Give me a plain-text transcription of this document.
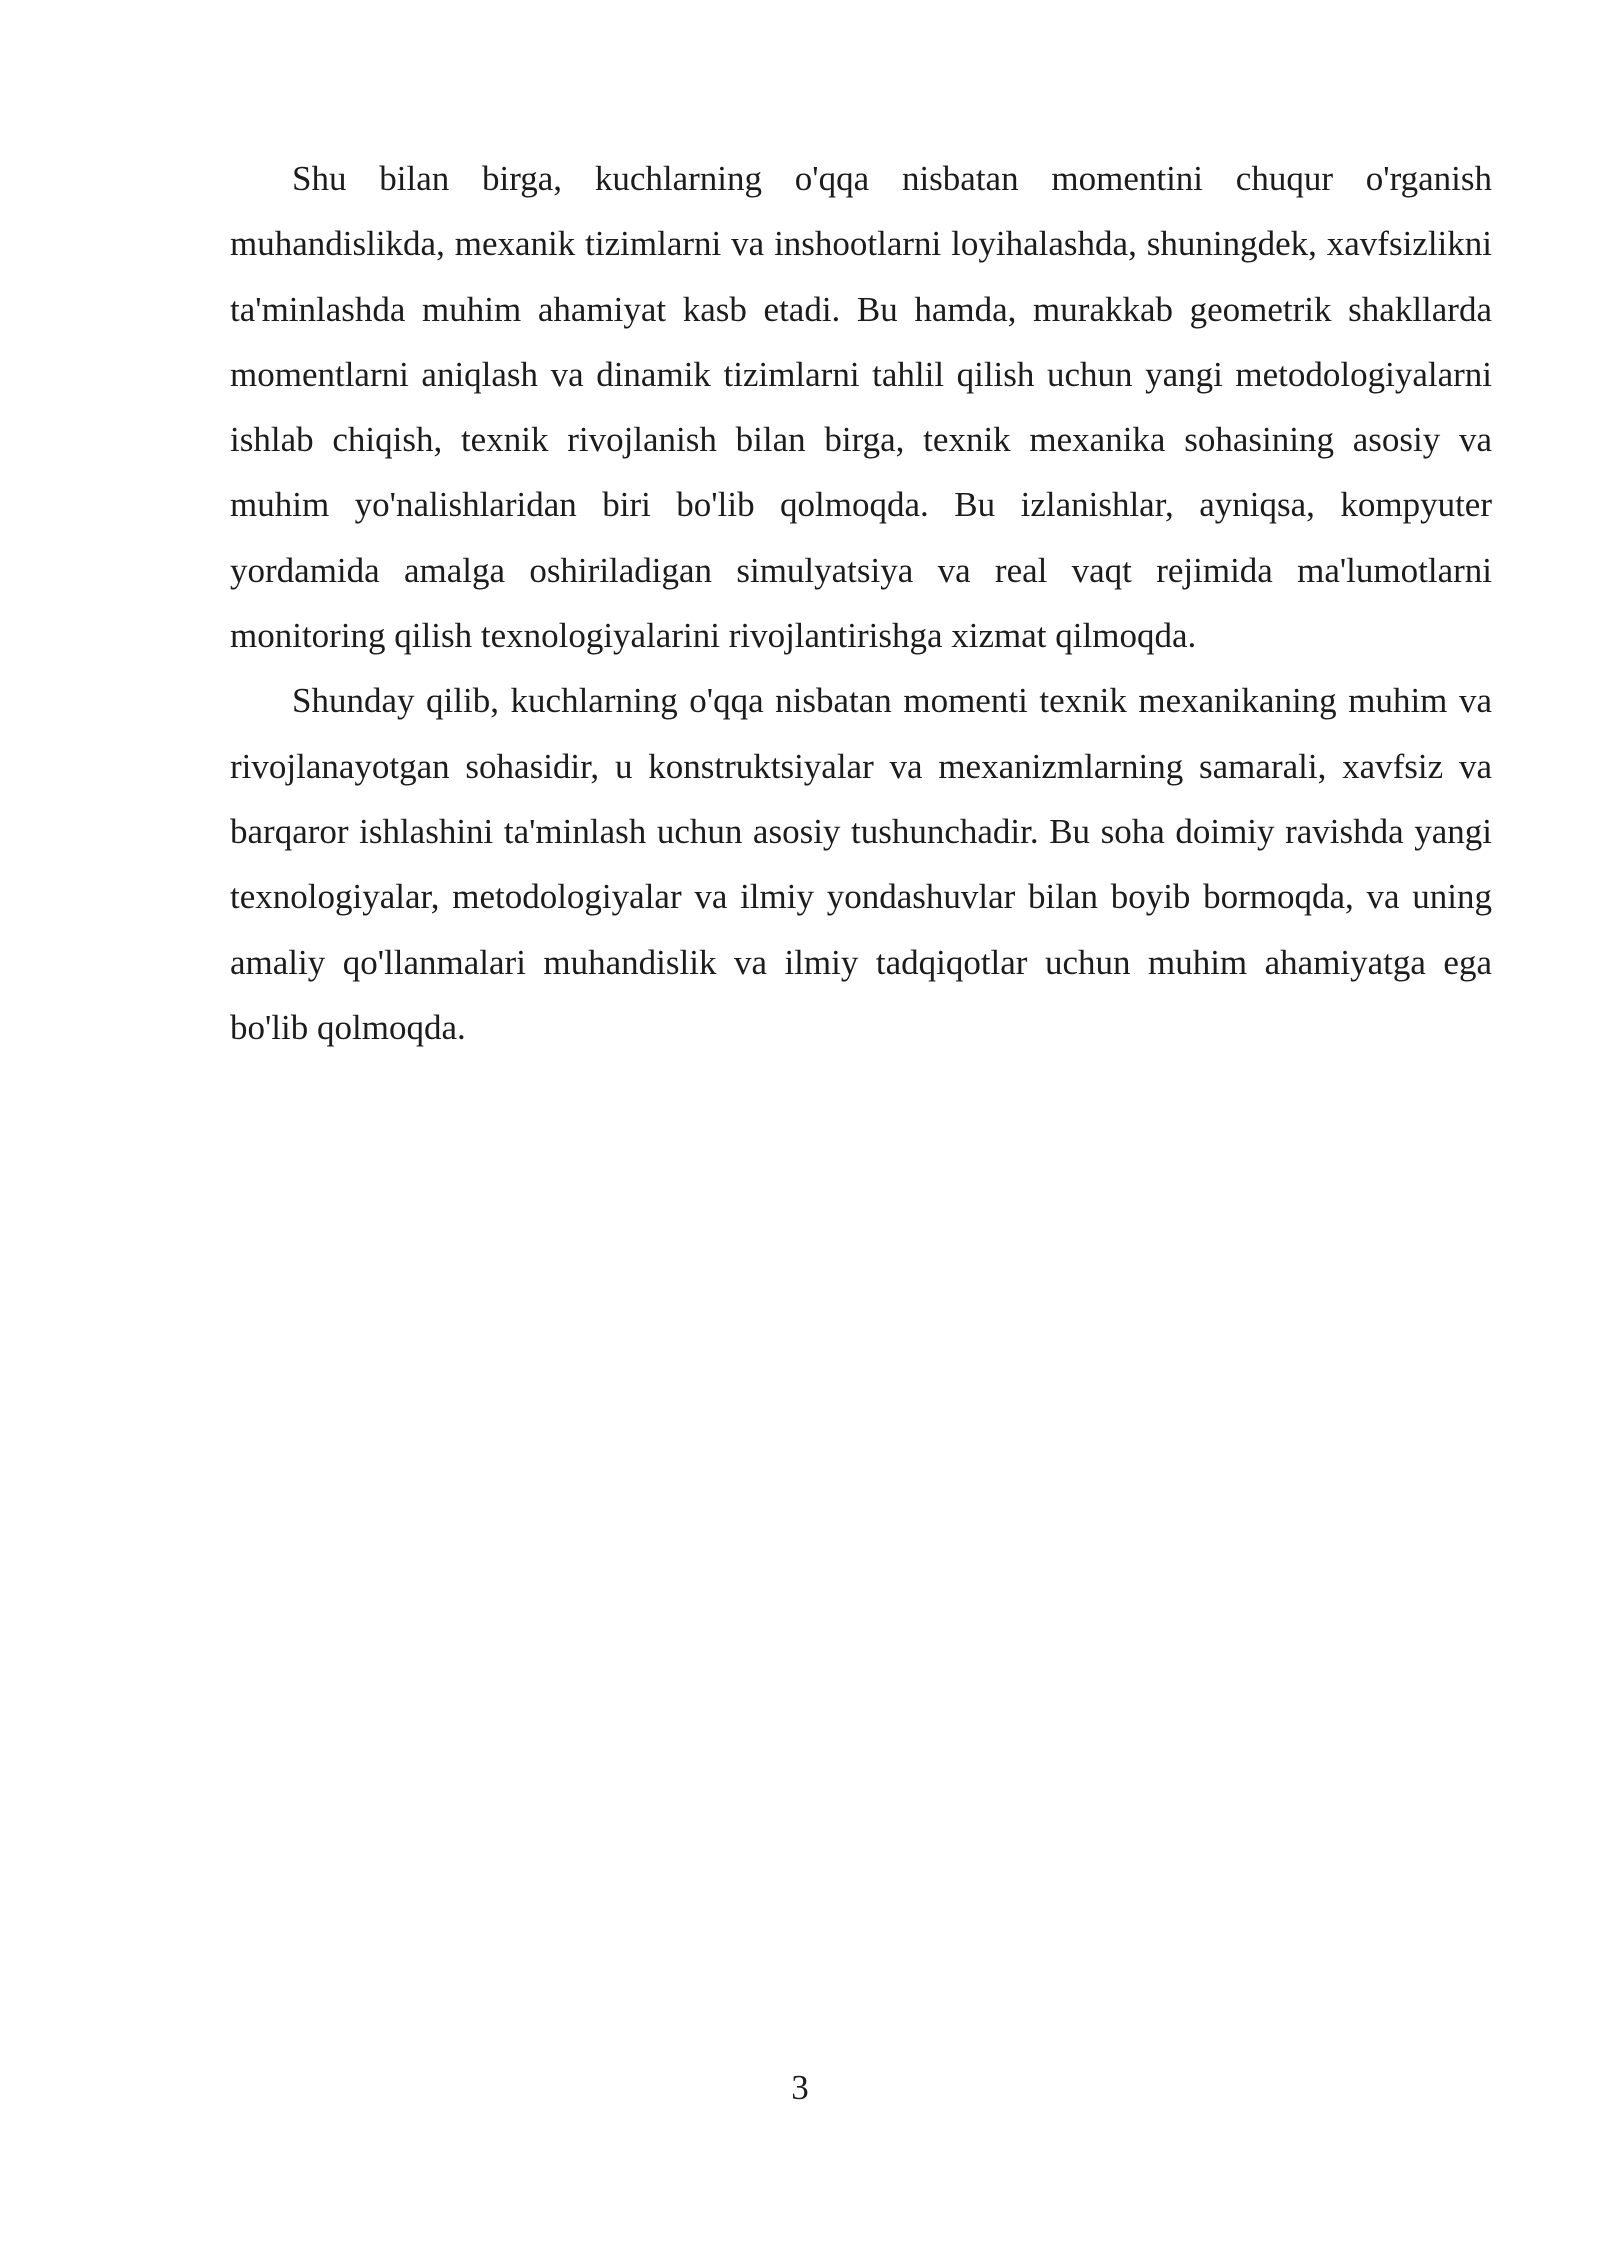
Shu bilan birga, kuchlarning o'qqa nisbatan momentini chuqur o'rganish muhandislikda, mexanik tizimlarni va inshootlarni loyihalashda, shuningdek, xavfsizlikni ta'minlashda muhim ahamiyat kasb etadi. Bu hamda, murakkab geometrik shakllarda momentlarni aniqlash va dinamik tizimlarni tahlil qilish uchun yangi metodologiyalarni ishlab chiqish, texnik rivojlanish bilan birga, texnik mexanika sohasining asosiy va muhim yo'nalishlaridan biri bo'lib qolmoqda. Bu izlanishlar, ayniqsa, kompyuter yordamida amalga oshiriladigan simulyatsiya va real vaqt rejimida ma'lumotlarni monitoring qilish texnologiyalarini rivojlantirishga xizmat qilmoqda.

Shunday qilib, kuchlarning o'qqa nisbatan momenti texnik mexanikaning muhim va rivojlanayotgan sohasidir, u konstruktsiyalar va mexanizmlarning samarali, xavfsiz va barqaror ishlashini ta'minlash uchun asosiy tushunchadir. Bu soha doimiy ravishda yangi texnologiyalar, metodologiyalar va ilmiy yondashuvlar bilan boyib bormoqda, va uning amaliy qo'llanmalari muhandislik va ilmiy tadqiqotlar uchun muhim ahamiyatga ega bo'lib qolmoqda.

3
